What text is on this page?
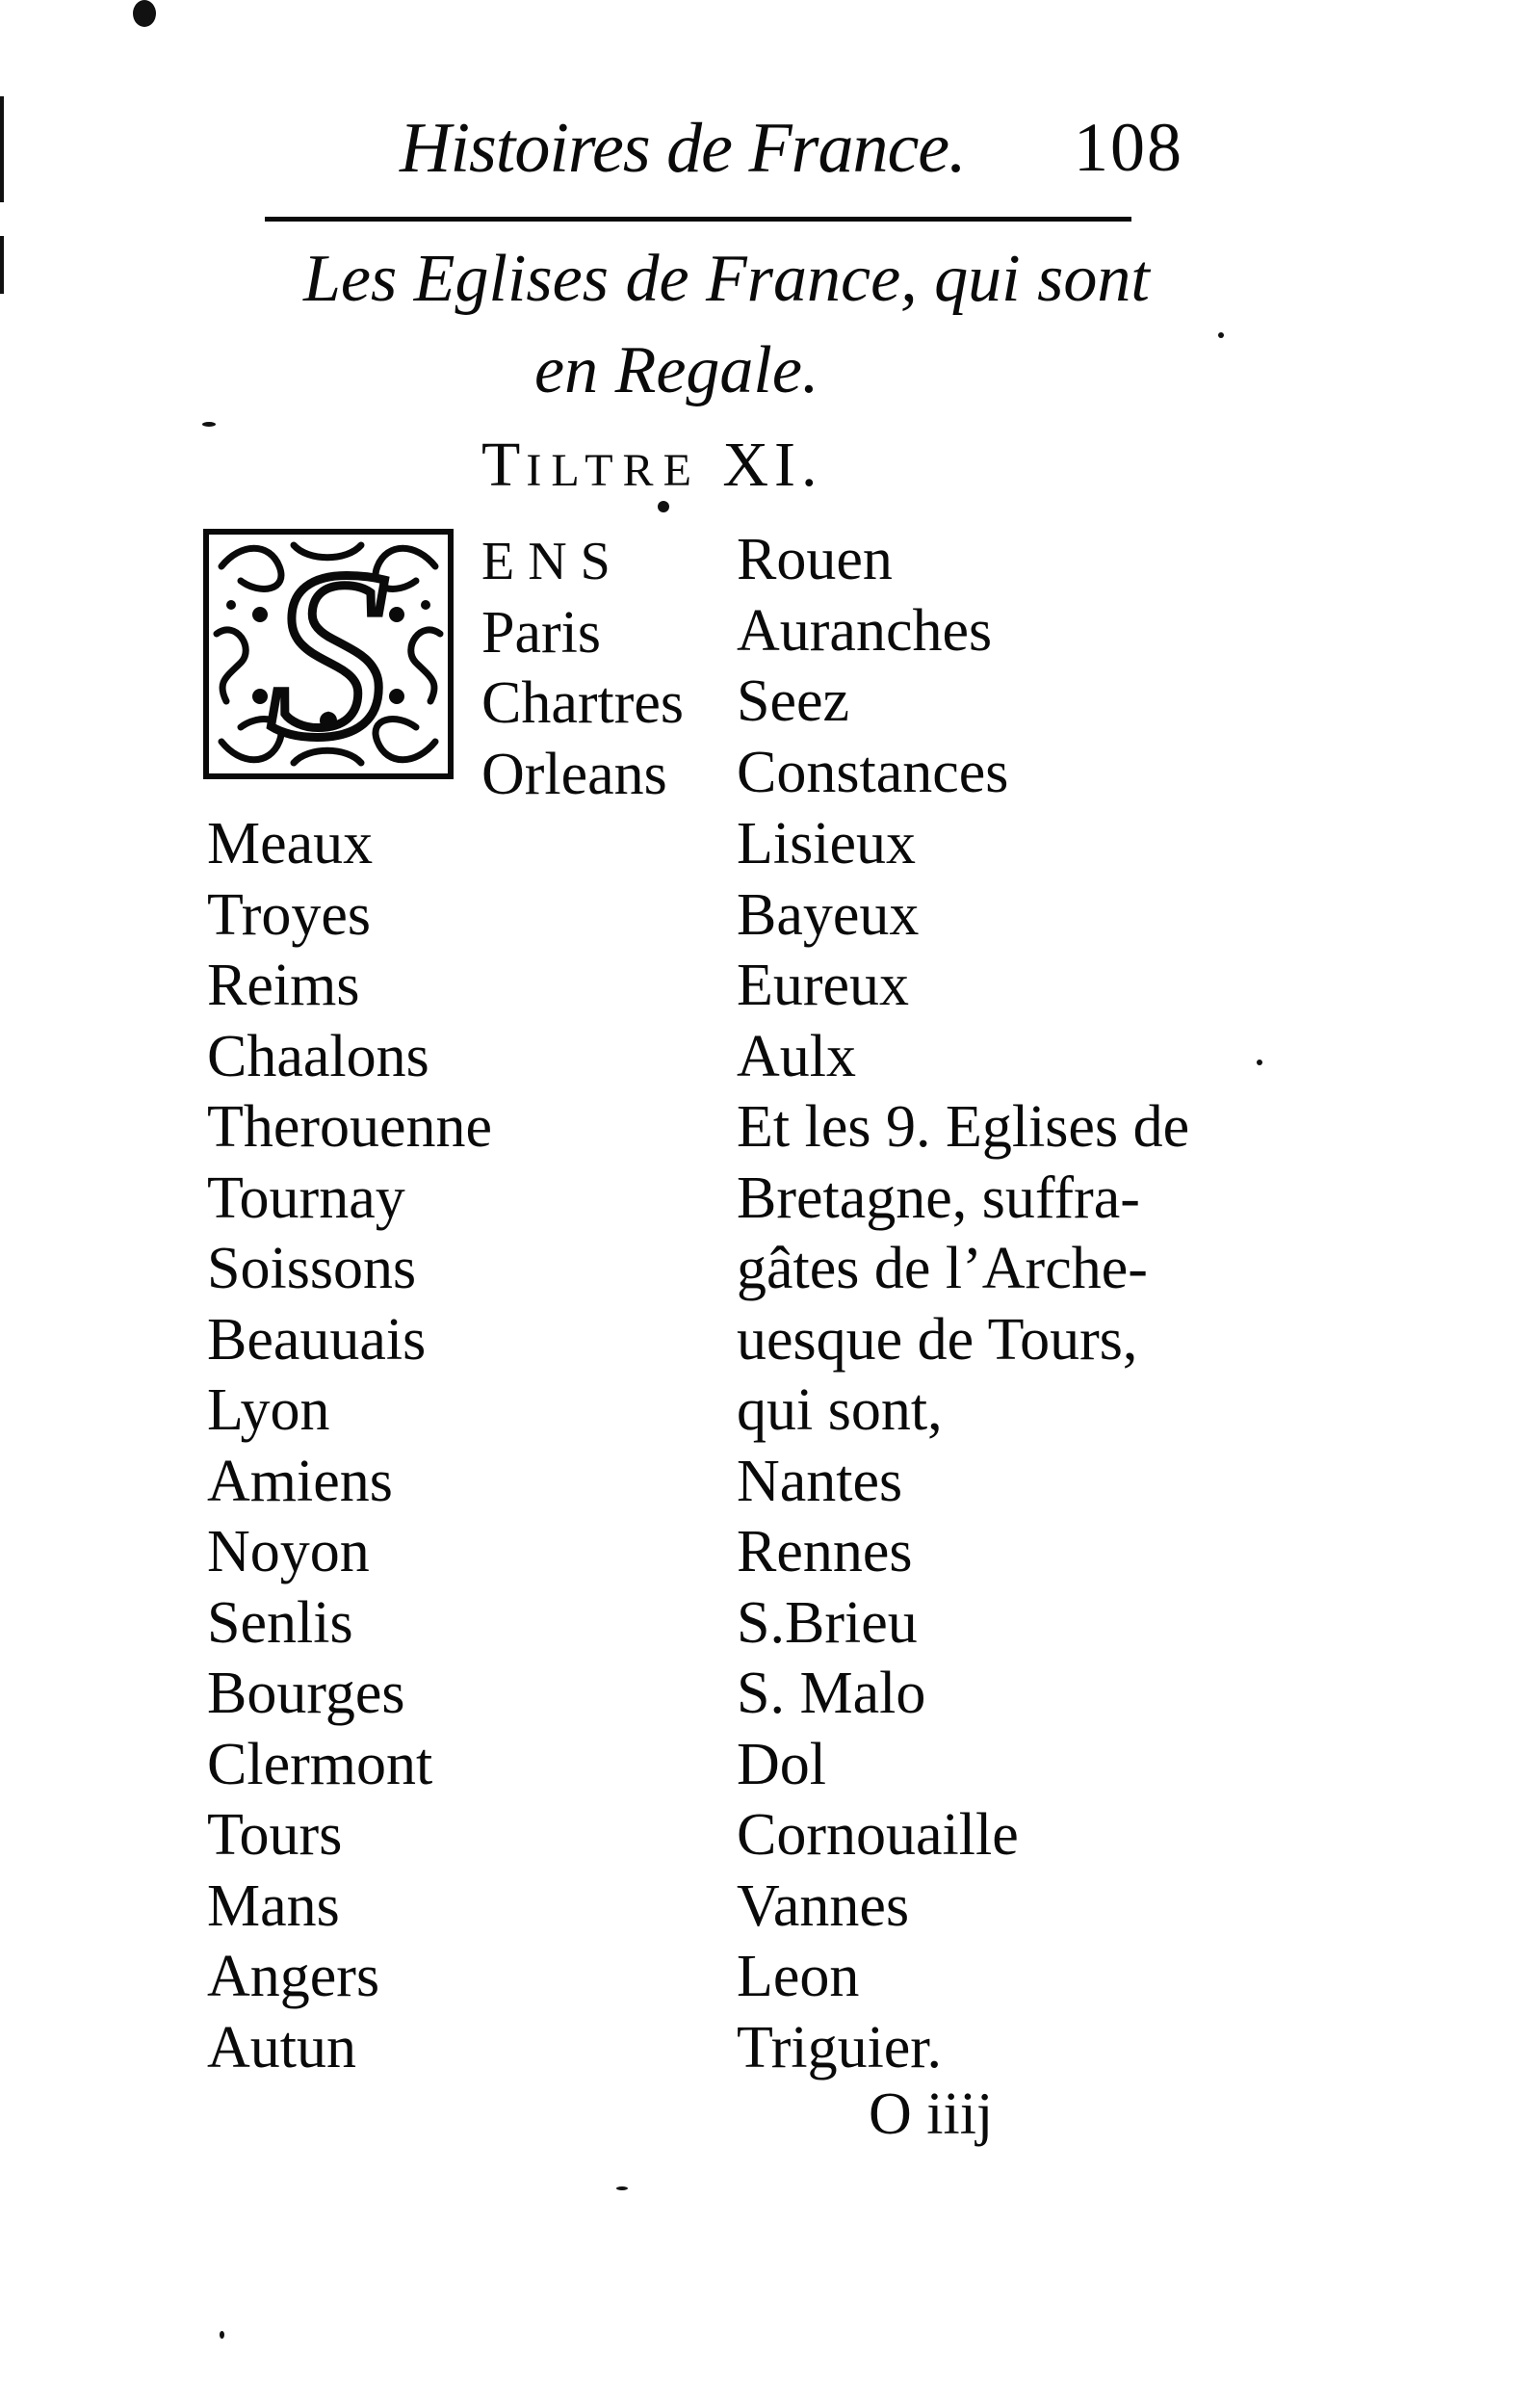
Histoires de France. 108
Les Eglises de France, qui sont
en Regale.
TILTRE XI.
S ENS
Paris
Chartres
Orleans
Rouen
Auranches
Seez
Constances
Meaux
Troyes
Reims
Chaalons
Therouenne
Tournay
Soissons
Beauuais
Lyon
Amiens
Noyon
Senlis
Bourges
Clermont
Tours
Mans
Angers
Autun
Lisieux
Bayeux
Eureux
Aulx
Et les 9. Eglises de
Bretagne, suffra-
gâtes de l’Arche-
uesque de Tours,
qui sont,
Nantes
Rennes
S.Brieu
S. Malo
Dol
Cornouaille
Vannes
Leon
Triguier.
O iiij
